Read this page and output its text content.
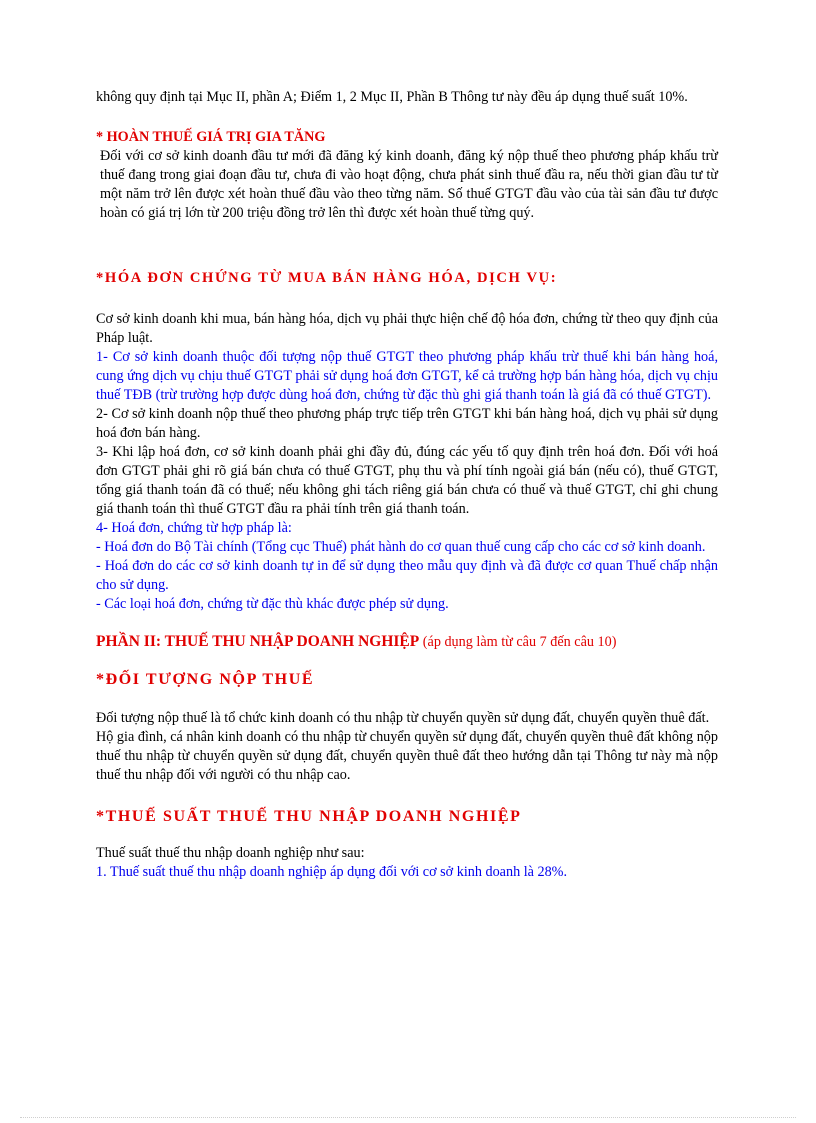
không quy định tại Mục II, phần A; Điểm 1, 2 Mục II, Phần B Thông tư này đều áp dụng thuế suất 10%.

* HOÀN THUẾ GIÁ TRỊ GIA TĂNG

Đối với cơ sở kinh doanh đầu tư mới đã đăng ký kinh doanh, đăng ký nộp thuế theo phương pháp khấu trừ thuế đang trong giai đoạn đầu tư, chưa đi vào hoạt động, chưa phát sinh thuế đầu ra, nếu thời gian đầu tư từ một năm trở lên được xét hoàn thuế đầu vào theo từng năm. Số thuế GTGT đầu vào của tài sản đầu tư được hoàn có giá trị lớn từ 200 triệu đồng trở lên thì được xét hoàn thuế từng quý.

*HÓA ĐƠN CHỨNG TỪ MUA BÁN HÀNG HÓA, DỊCH VỤ:

Cơ sở kinh doanh khi mua, bán hàng hóa, dịch vụ phải thực hiện chế độ hóa đơn, chứng từ theo quy định của Pháp luật.

1- Cơ sở kinh doanh thuộc đối tượng nộp thuế GTGT theo phương pháp khấu trừ thuế khi bán hàng hoá, cung ứng dịch vụ chịu thuế GTGT phải sử dụng hoá đơn GTGT, kể cả trường hợp bán hàng hóa, dịch vụ chịu thuế TĐB (trừ trường hợp được dùng hoá đơn, chứng từ đặc thù ghi giá thanh toán là giá đã có thuế GTGT).

2- Cơ sở kinh doanh nộp thuế theo phương pháp trực tiếp trên GTGT khi bán hàng hoá, dịch vụ phải sử dụng hoá đơn bán hàng.

3- Khi lập hoá đơn, cơ sở kinh doanh phải ghi đầy đủ, đúng các yếu tố quy định trên hoá đơn. Đối với hoá đơn GTGT phải ghi rõ giá bán chưa có thuế GTGT, phụ thu và phí tính ngoài giá bán (nếu có), thuế GTGT, tổng giá thanh toán đã có thuế; nếu không ghi tách riêng giá bán chưa có thuế và thuế GTGT, chỉ ghi chung giá thanh toán thì thuế GTGT đầu ra phải tính trên giá thanh toán.

4- Hoá đơn, chứng từ hợp pháp là:

- Hoá đơn do Bộ Tài chính (Tổng cục Thuế) phát hành do cơ quan thuế cung cấp cho các cơ sở kinh doanh.

- Hoá đơn do các cơ sở kinh doanh tự in để sử dụng theo mẫu quy định và đã được cơ quan Thuế chấp nhận cho sử dụng.

- Các loại hoá đơn, chứng từ đặc thù khác được phép sử dụng.

PHẦN II: THUẾ THU NHẬP DOANH NGHIỆP (áp dụng làm từ câu 7 đến câu 10)

*ĐỐI TƯỢNG NỘP THUẾ

Đối tượng nộp thuế là tổ chức kinh doanh có thu nhập từ chuyển quyền sử dụng đất, chuyển quyền thuê đất.

Hộ gia đình, cá nhân kinh doanh có thu nhập từ chuyển quyền sử dụng đất, chuyển quyền thuê đất không nộp thuế thu nhập từ chuyển quyền sử dụng đất, chuyển quyền thuê đất theo hướng dẫn tại Thông tư này mà nộp thuế thu nhập đối với người có thu nhập cao.

*THUẾ SUẤT THUẾ THU NHẬP DOANH NGHIỆP

Thuế suất thuế thu nhập doanh nghiệp như sau:

1. Thuế suất thuế thu nhập doanh nghiệp áp dụng đối với cơ sở kinh doanh là 28%.
